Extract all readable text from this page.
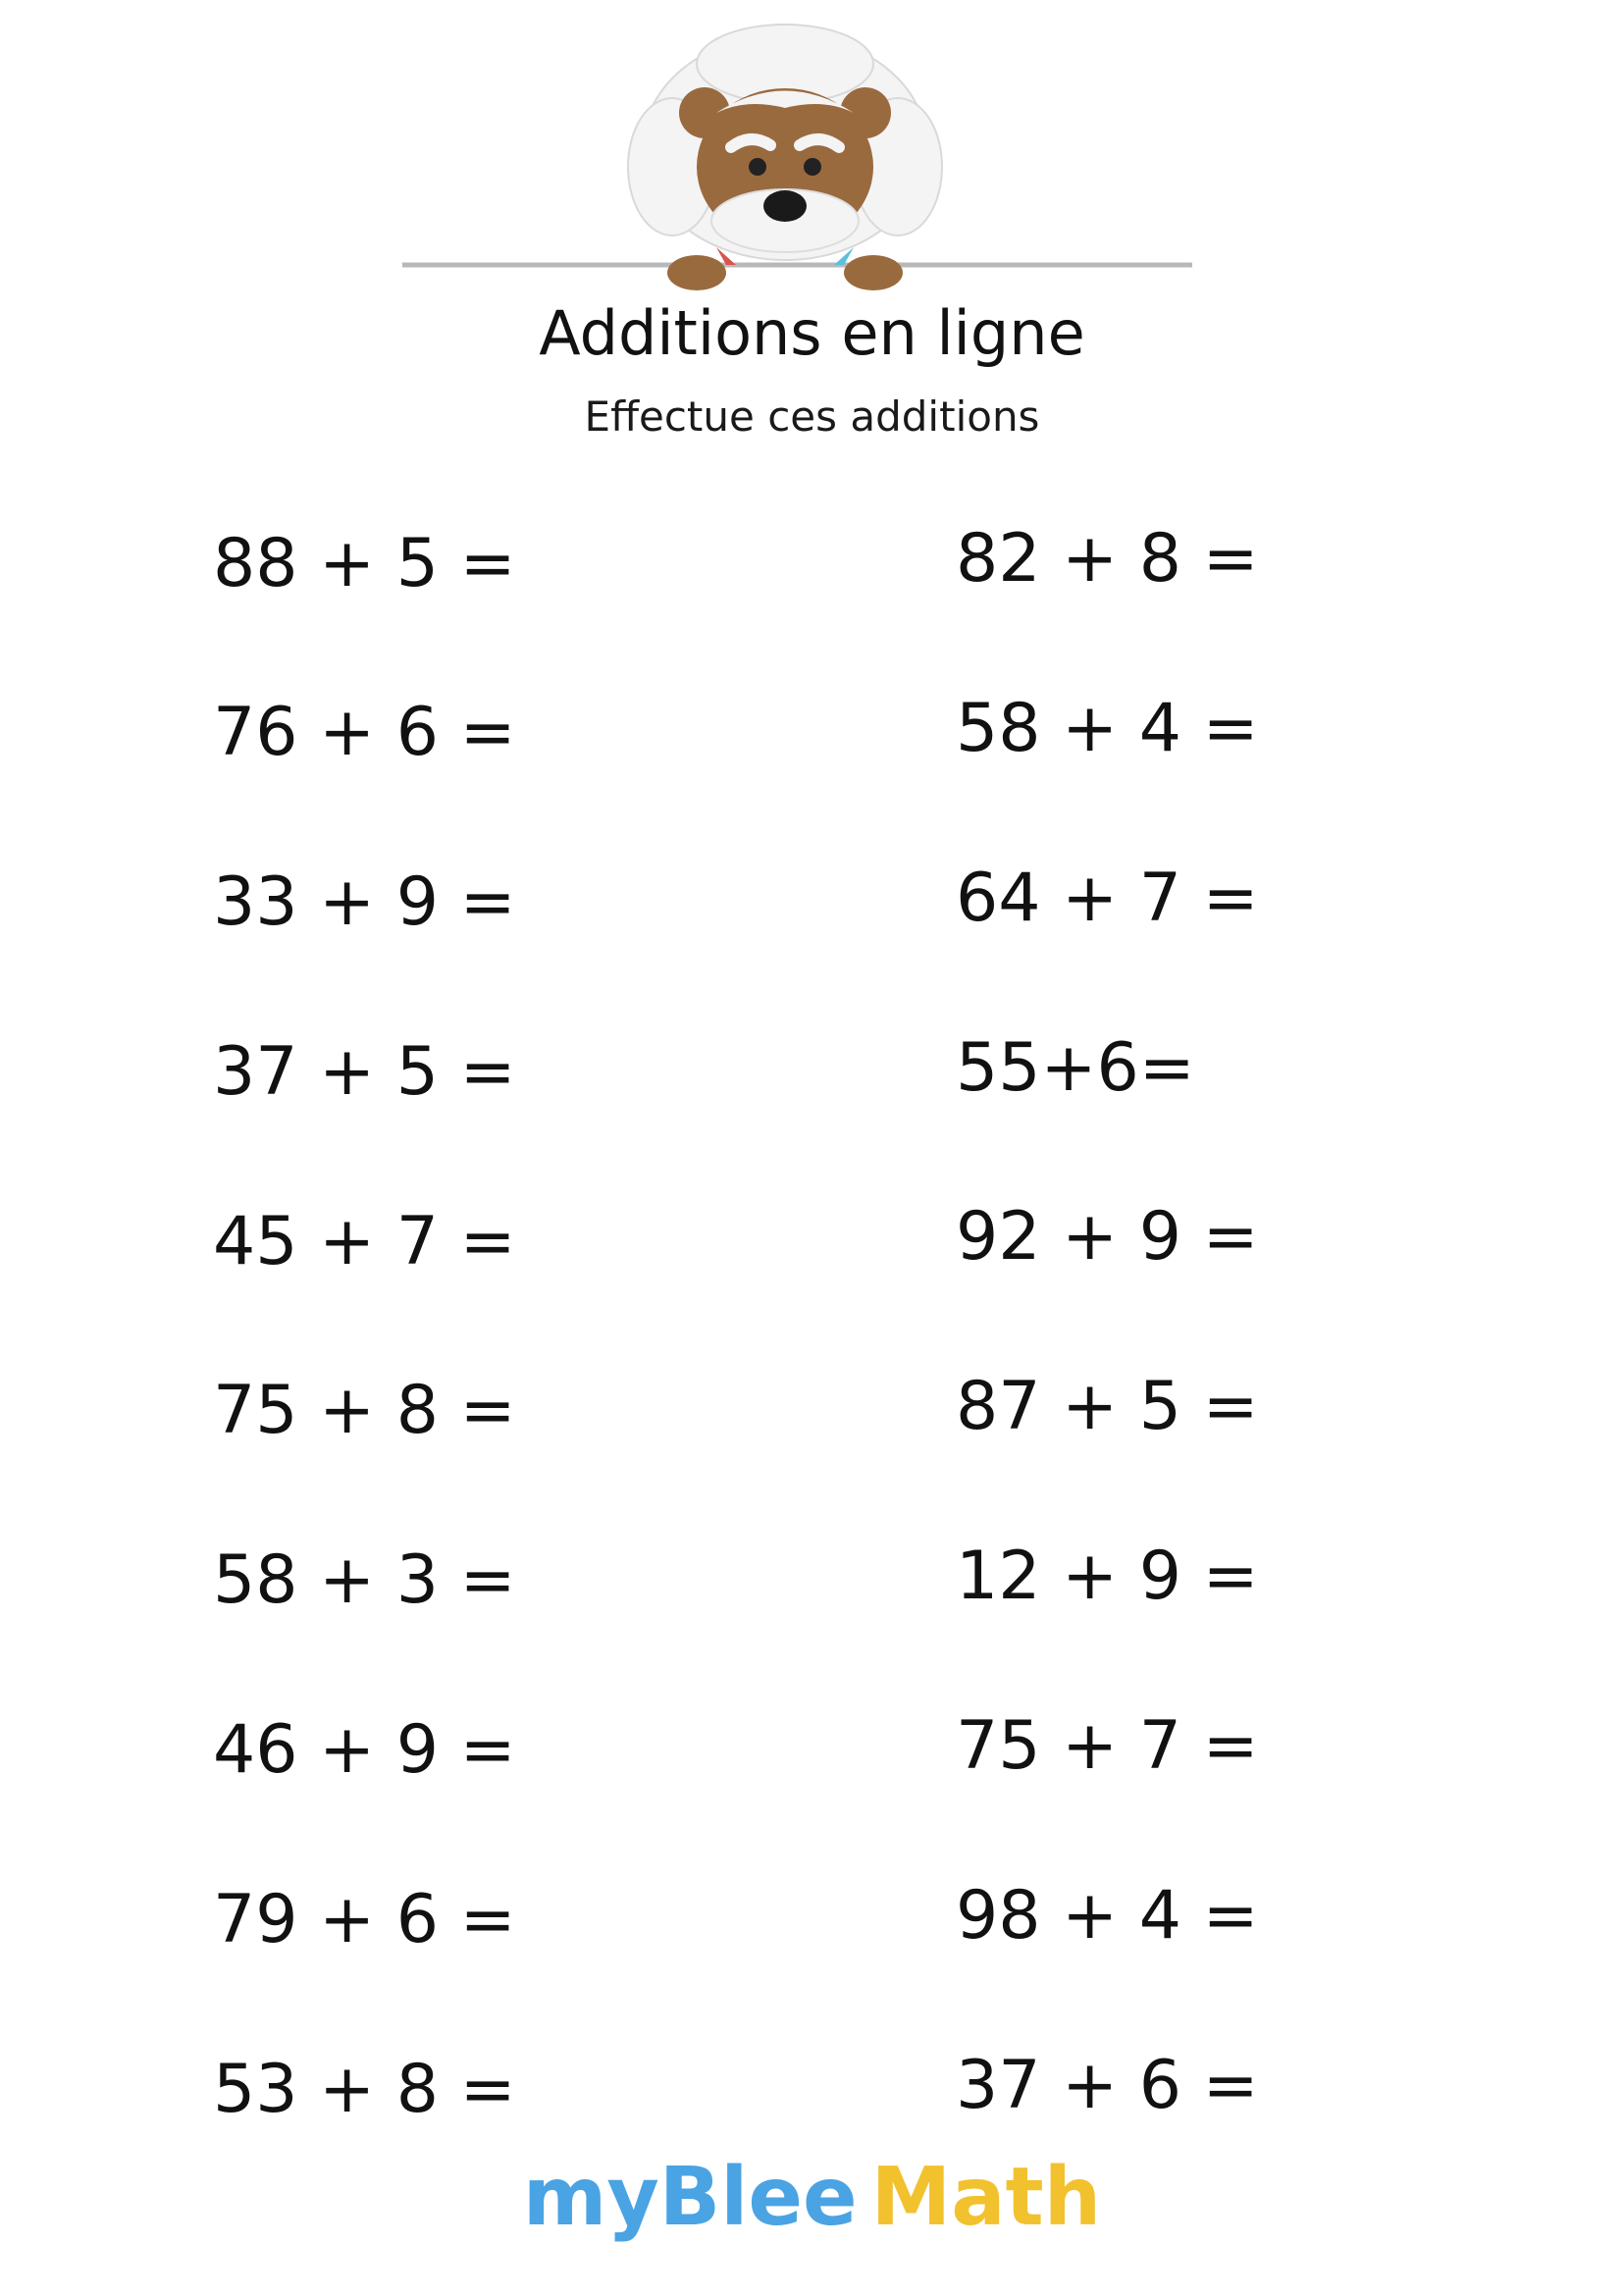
Additions en ligne
Effectue ces additions
88 + 5 =
76 + 6 =
33 + 9 =
37 + 5 =
45 + 7 =
75 + 8 =
58 + 3 =
46 + 9 =
79 + 6 =
53 + 8 =
82 + 8 =
58 + 4 =
64 + 7 =
55+6=
92 + 9 =
87 + 5 =
12 + 9 =
75 + 7 =
98 + 4 =
37 + 6 =
myBlee Math
